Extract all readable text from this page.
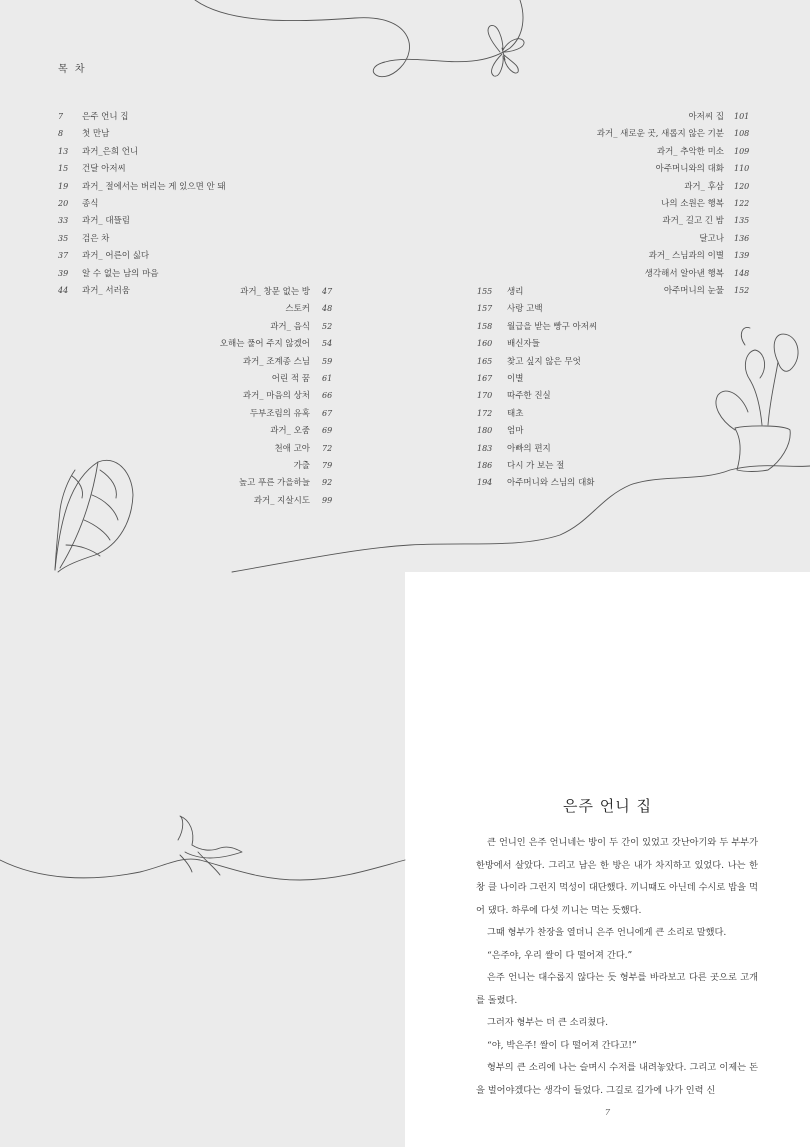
목 차
7 은주 언니 집
8 첫 만남
13 과거_은희 언니
15 건달 아저씨
19 과거_ 절에서는 버리는 게 있으면 안 돼
20 종식
33 과거_ 대뜰림
35 검은 차
37 과거_ 어른이 싫다
39 알 수 없는 남의 마음
44 과거_ 서러움	과거_ 창문 없는 방 47
스토커 48
과거_ 음식 52
오해는 풀어 주지 않겠어 54
과거_ 조계종 스님 59
어린 적 꿈 61
과거_ 마음의 상처 66
두부조림의 유혹 67
과거_ 오줌 69
천애 고아 72
가출 79
높고 푸른 가을하늘 92
과거_ 지살시도 99
155 생리
157 사랑 고백
158 월급을 받는 빵구 아저씨
160 배신자들
165 찾고 싶지 않은 무엇
167 이별
170 따주한 진실
172 태초
180 엄마
183 아빠의 편지
186 다시 가 보는 절
194 아주머니와 스님의 대화
아저씨 집 101
과거_ 새로운 곳, 새롭지 않은 기분 108
과거_ 추악한 미소 109
아주머니와의 대화 110
과거_ 후삼 120
나의 소원은 행복 122
과거_ 길고 긴 밤 135
달고나 136
과거_ 스님과의 이별 139
생각해서 알아낸 행복 148
아주머니의 눈물 152
은주 언니 집

큰 언니인 은주 언니네는 방이 두 간이 있었고 갓난아기와 두 부부가 한방에서 살았다. 그리고 남은 한 방은 내가 차지하고 있었다. 나는 한창 클 나이라 그런지 먹성이 대단했다. 끼니때도 아닌데 수시로 밥을 먹어 댔다. 하루에 다섯 끼니는 먹는 듯했다.

그때 형부가 찬장을 열더니 은주 언니에게 큰 소리로 말했다.

“은주야, 우리 쌀이 다 떨어져 간다.”

은주 언니는 대수롭지 않다는 듯 형부를 바라보고 다른 곳으로 고개를 돌렸다.

그러자 형부는 더 큰 소리쳤다.

“야, 박은주! 쌀이 다 떨어져 간다고!”

형부의 큰 소리에 나는 슬며시 수저를 내려놓았다. 그리고 이제는 돈을 벌어야겠다는 생각이 들었다. 그길로 길가에 나가 인력 신

7
